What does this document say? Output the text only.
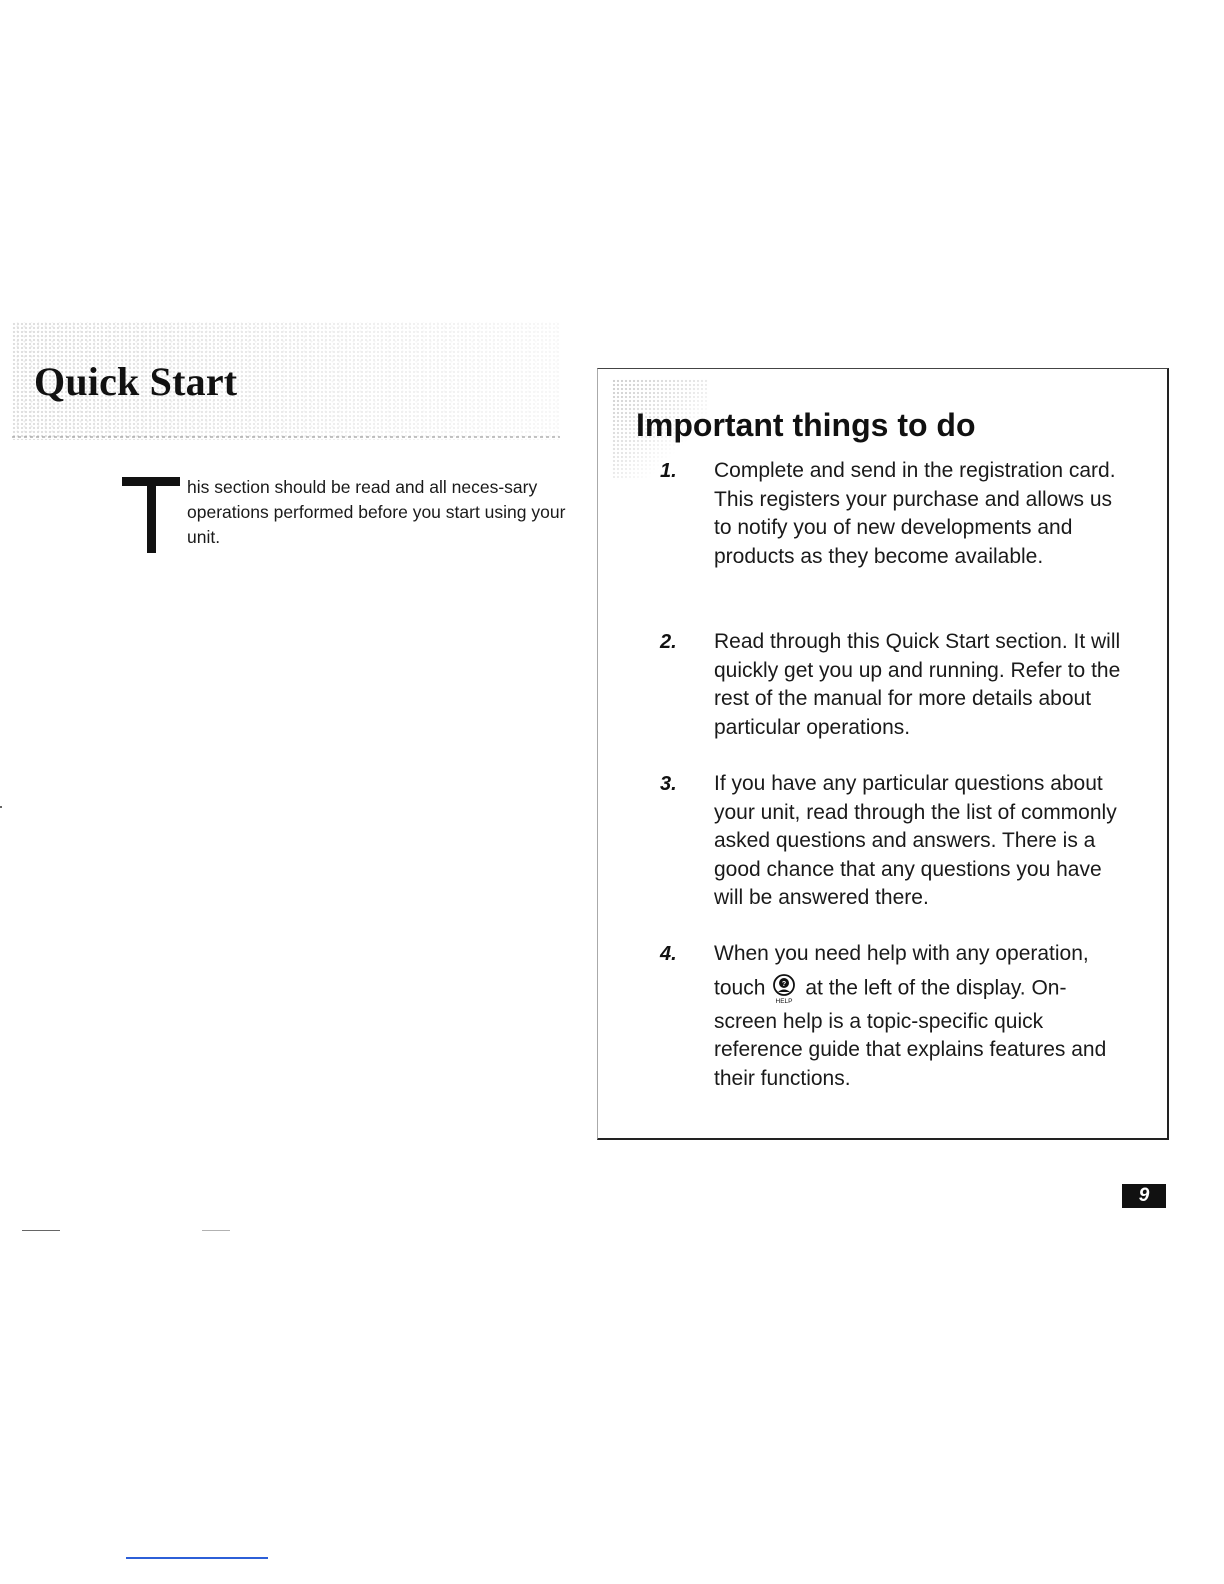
Quick Start

his section should be read and all neces-sary operations performed before you start using your unit.

Important things to do
1.	Complete and send in the registration card. This registers your purchase and allows us to notify you of new developments and products as they become available.

2.	Read through this Quick Start section. It will quickly get you up and running. Refer to the rest of the manual for more details about particular operations.

3.	If you have any particular questions about your unit, read through the list of commonly asked questions and answers. There is a good chance that any questions you have will be answered there.

4.	When you need help with any operation,
touch ?
HELP
at the left of the display. On-
screen help is a topic-specific quick reference guide that explains features and their functions.

9
